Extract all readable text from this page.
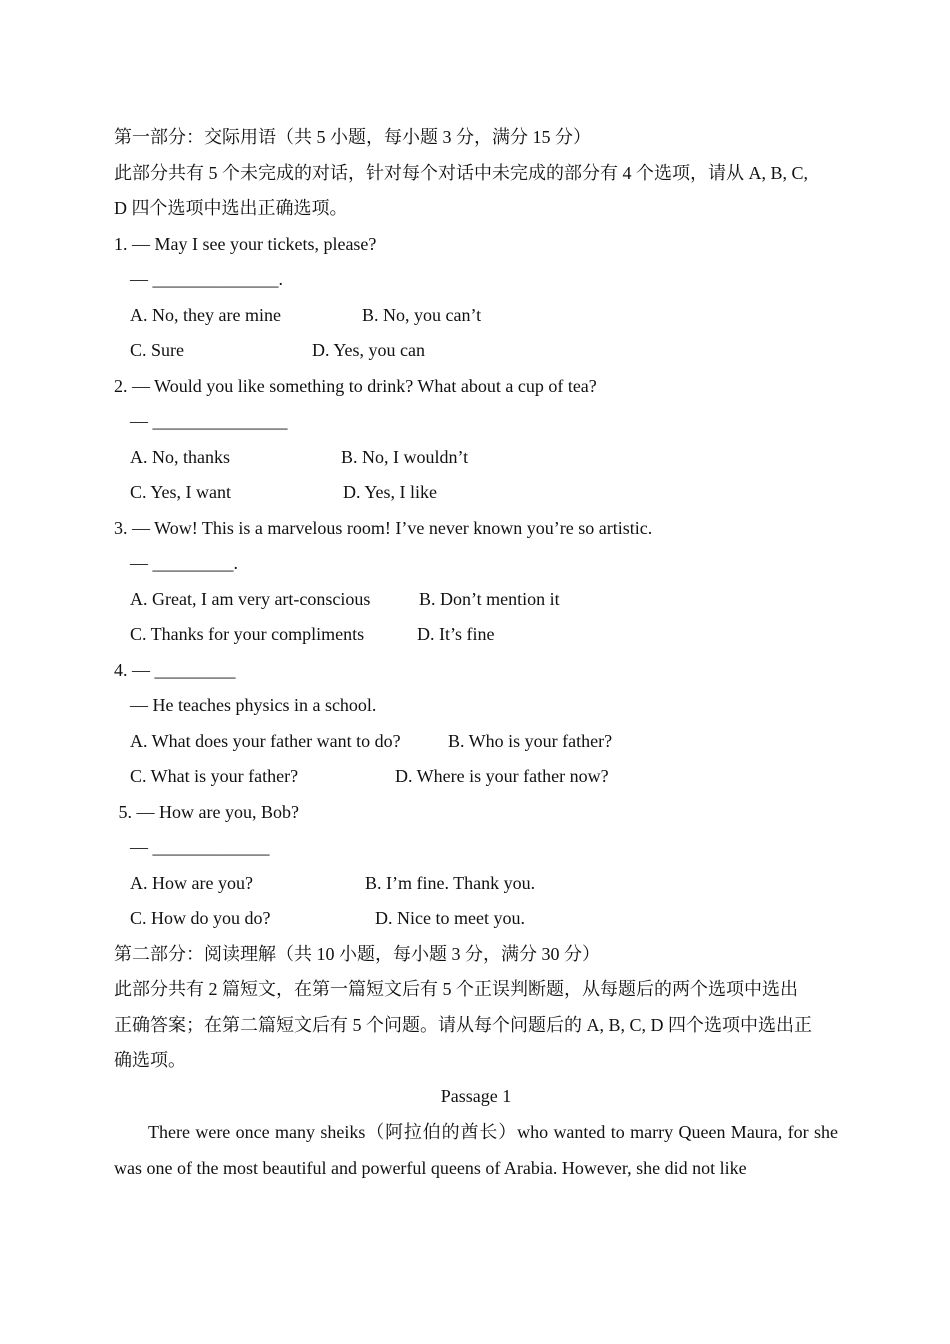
第一部分：交际用语（共 5 小题，每小题 3 分，满分 15 分）
此部分共有 5 个未完成的对话，针对每个对话中未完成的部分有 4 个选项，请从 A, B, C,
D 四个选项中选出正确选项。
1. — May I see your tickets, please?
— ______________.
A. No, they are mine	B. No, you can’t
C. Sure	D. Yes, you can
2. — Would you like something to drink? What about a cup of tea?
— _______________
A. No, thanks	B. No, I wouldn’t
C. Yes, I want	D. Yes, I like
3. — Wow! This is a marvelous room! I’ve never known you’re so artistic.
— _________.
A. Great, I am very art-conscious	B. Don’t mention it
C. Thanks for your compliments	D. It’s fine
4. — _________
— He teaches physics in a school.
A. What does your father want to do?	B. Who is your father?
C. What is your father?	D. Where is your father now?
5. — How are you, Bob?
— _____________
A. How are you?	B. I’m fine. Thank you.
C. How do you do?	D. Nice to meet you.
第二部分：阅读理解（共 10 小题，每小题 3 分，满分 30 分）
此部分共有 2 篇短文，在第一篇短文后有 5 个正误判断题，从每题后的两个选项中选出
正确答案；在第二篇短文后有 5 个问题。请从每个问题后的 A, B, C, D 四个选项中选出正
确选项。
Passage 1
There were once many sheiks（阿拉伯的酋长）who wanted to marry Queen Maura, for she was one of the most beautiful and powerful queens of Arabia. However, she did not like
